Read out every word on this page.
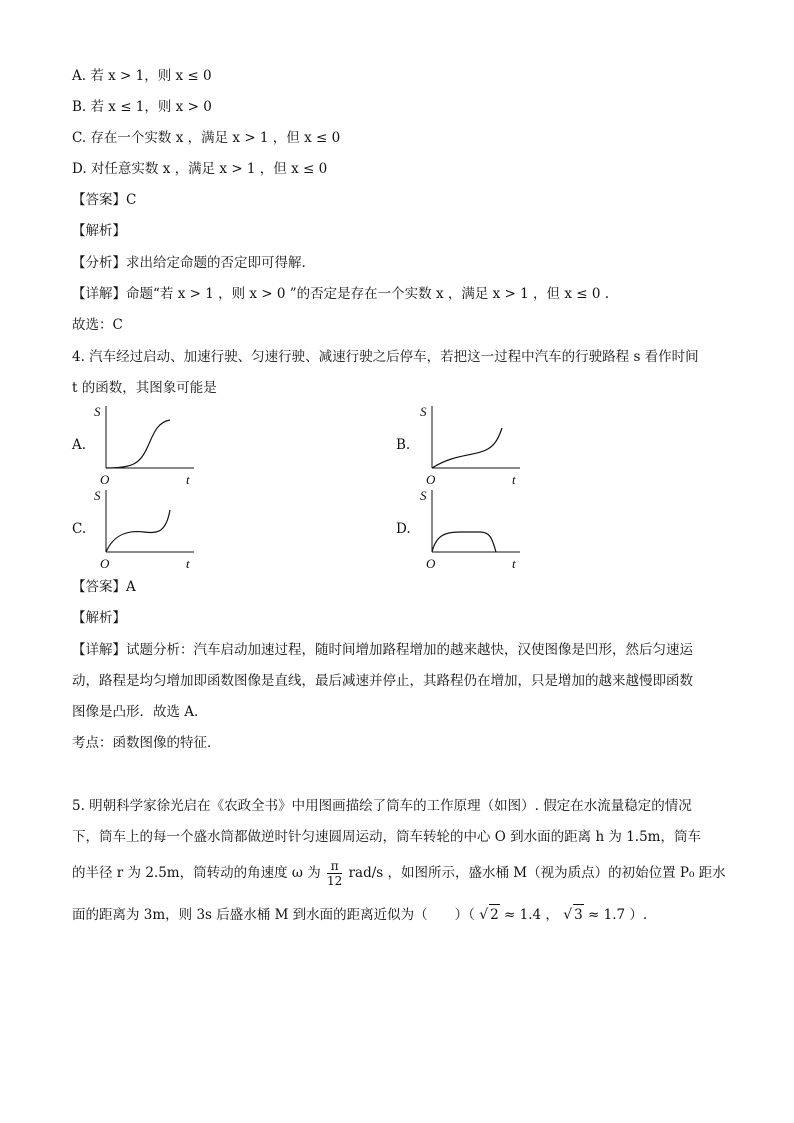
A. 若 x > 1，则 x ≤ 0
B. 若 x ≤ 1，则 x > 0
C. 存在一个实数 x ，满足 x > 1 ，但 x ≤ 0
D. 对任意实数 x ，满足 x > 1 ，但 x ≤ 0
【答案】C
【解析】
【分析】求出给定命题的否定即可得解.
【详解】命题“若 x > 1 ，则 x > 0 ”的否定是存在一个实数 x ，满足 x > 1 ，但 x ≤ 0 .
故选：C
4. 汽车经过启动、加速行驶、匀速行驶、减速行驶之后停车，若把这一过程中汽车的行驶路程 s 看作时间
t 的函数，其图象可能是
A.
S
O	t
B.
S
O	t
C.
S
O	t
D.
S
O	t
【答案】A
【解析】
【详解】试题分析：汽车启动加速过程，随时间增加路程增加的越来越快，汉使图像是凹形，然后匀速运
动，路程是均匀增加即函数图像是直线，最后减速并停止，其路程仍在增加，只是增加的越来越慢即函数
图像是凸形．故选 A．
考点：函数图像的特征．
5. 明朝科学家徐光启在《农政全书》中用图画描绘了筒车的工作原理（如图）. 假定在水流量稳定的情况
下，筒车上的每一个盛水筒都做逆时针匀速圆周运动，筒车转轮的中心 O 到水面的距离 h 为 1.5m，筒车
的半径 r 为 2.5m，筒转动的角速度 ω 为 $\frac{\pi}{12} rad/s$ ，如图所示，盛水桶 M（视为质点）的初始位置 P₀ 距水
面的距离为 3m，则 3s 后盛水桶 M 到水面的距离近似为（　　）（ √ 2 ≈ 1.4 ， √ 3 ≈ 1.7 ）.
